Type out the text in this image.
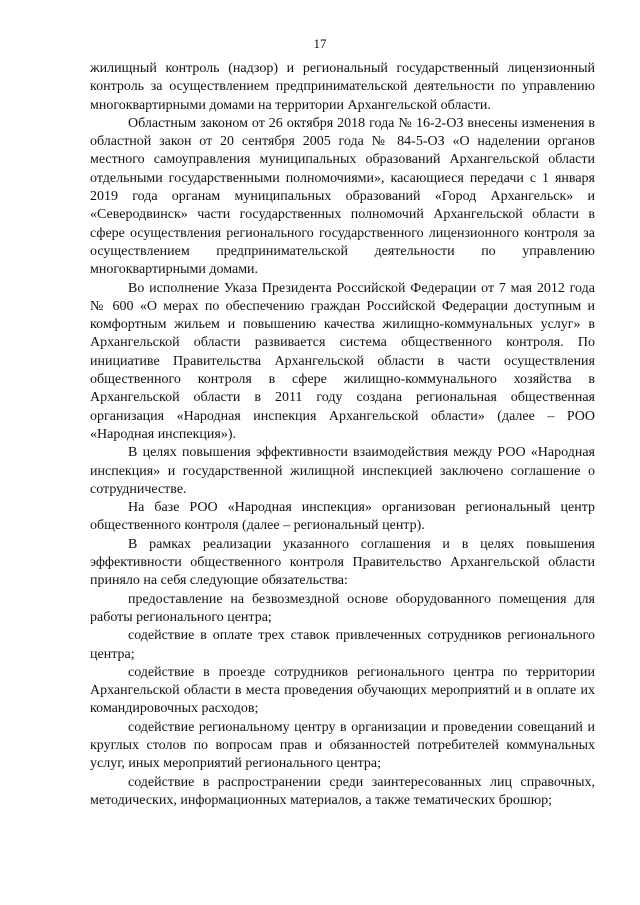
17

жилищный контроль (надзор) и региональный государственный лицензионный контроль за осуществлением предпринимательской деятельности по управлению многоквартирными домами на территории Архангельской области.

Областным законом от 26 октября 2018 года № 16-2-ОЗ внесены изменения в областной закон от 20 сентября 2005 года № 84-5-ОЗ «О наделении органов местного самоуправления муниципальных образований Архангельской области отдельными государственными полномочиями», касающиеся передачи с 1 января 2019 года органам муниципальных образований «Город Архангельск» и «Северодвинск» части государственных полномочий Архангельской области в сфере осуществления регионального государственного лицензионного контроля за осуществлением предпринимательской деятельности по управлению многоквартирными домами.

Во исполнение Указа Президента Российской Федерации от 7 мая 2012 года № 600 «О мерах по обеспечению граждан Российской Федерации доступным и комфортным жильем и повышению качества жилищно-коммунальных услуг» в Архангельской области развивается система общественного контроля. По инициативе Правительства Архангельской области в части осуществления общественного контроля в сфере жилищно-коммунального хозяйства в Архангельской области в 2011 году создана региональная общественная организация «Народная инспекция Архангельской области» (далее – РОО «Народная инспекция»).

В целях повышения эффективности взаимодействия между РОО «Народная инспекция» и государственной жилищной инспекцией заключено соглашение о сотрудничестве.

На базе РОО «Народная инспекция» организован региональный центр общественного контроля (далее – региональный центр).

В рамках реализации указанного соглашения и в целях повышения эффективности общественного контроля Правительство Архангельской области приняло на себя следующие обязательства:

предоставление на безвозмездной основе оборудованного помещения для работы регионального центра;

содействие в оплате трех ставок привлеченных сотрудников регионального центра;

содействие в проезде сотрудников регионального центра по территории Архангельской области в места проведения обучающих мероприятий и в оплате их командировочных расходов;

содействие региональному центру в организации и проведении совещаний и круглых столов по вопросам прав и обязанностей потребителей коммунальных услуг, иных мероприятий регионального центра;

содействие в распространении среди заинтересованных лиц справочных, методических, информационных материалов, а также тематических брошюр;
